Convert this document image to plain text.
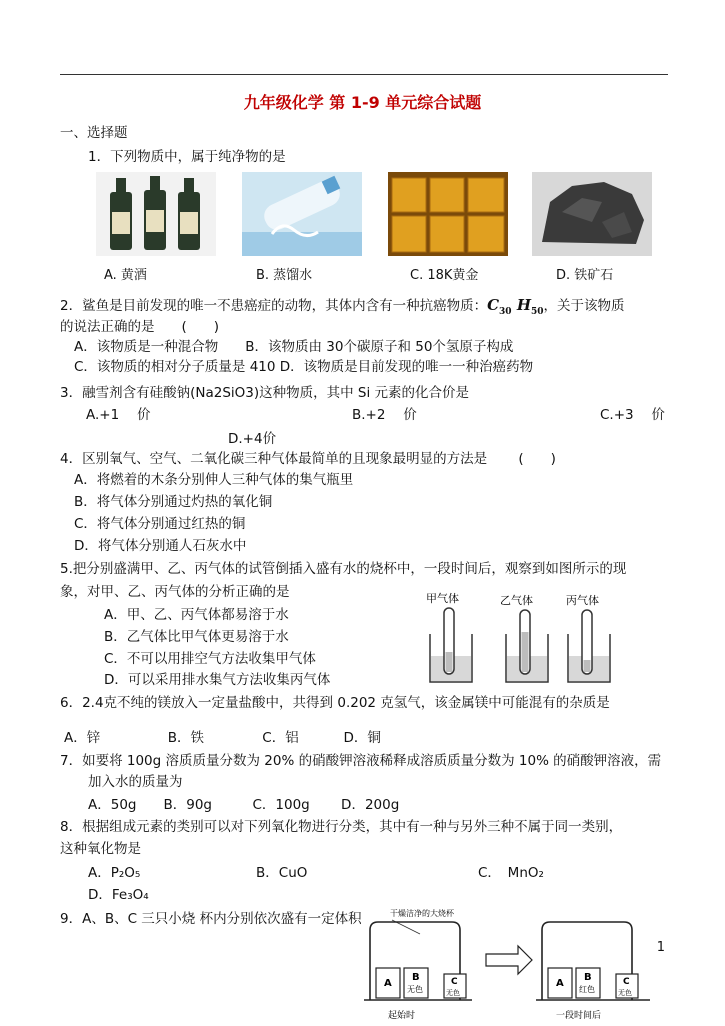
九年级化学 第 1-9 单元综合试题
一、选择题
1．下列物质中，属于纯净物的是
A. 黄酒	B. 蒸馏水	C. 18K黄金	D. 铁矿石
2．鲨鱼是目前发现的唯一不患癌症的动物，其体内含有一种抗癌物质：$C_{30}$ $H_{50}$，关于该物质
的说法正确的是　　(　　)
A．该物质是一种混合物　　B．该物质由 30个碳原子和 50个氢原子构成
C．该物质的相对分子质量是 410 D．该物质是目前发现的唯一一种治癌药物
3．融雪剂含有硅酸钠(Na2SiO3)这种物质，其中 Si 元素的化合价是
A.+1　 价	B.+2　 价	C.+3　 价
D.+4价
4．区别氧气、空气、二氧化碳三种气体最简单的且现象最明显的方法是　　 (　　)
A．将燃着的木条分别伸人三种气体的集气瓶里
B．将气体分别通过灼热的氧化铜
C．将气体分别通过红热的铜
D．将气体分别通人石灰水中
5.把分别盛满甲、乙、丙气体的试管倒插入盛有水的烧杯中，一段时间后，观察到如图所示的现
象，对甲、乙、丙气体的分析正确的是
A．甲、乙、丙气体都易溶于水
B．乙气体比甲气体更易溶于水
C．不可以用排空气方法收集甲气体
D．可以采用排水集气方法收集丙气体
甲气体	乙气体	丙气体
6．2.4克不纯的镁放入一定量盐酸中，共得到 0.202 克氢气，该金属镁中可能混有的杂质是
A．锌　　　　　B．铁　　　　 C．铝　　　 D．铜
7．如要将 100g 溶质质量分数为 20% 的硝酸钾溶液稀释成溶质质量分数为 10% 的硝酸钾溶液，需
加入水的质量为
A．50g　　B．90g　　　C．100g　　 D．200g
8．根据组成元素的类别可以对下列氧化物进行分类，其中有一种与另外三种不属于同一类别，
这种氧化物是
A．P₂O₅	B．CuO	C．　MnO₂
D．Fe₃O₄
9．A、B、C 三只小烧 杯内分别依次盛有一定体积	干燥洁净的大烧杯
A
B
无色
C
无色
起始时
A
B
红色
C
无色
一段时间后
1
